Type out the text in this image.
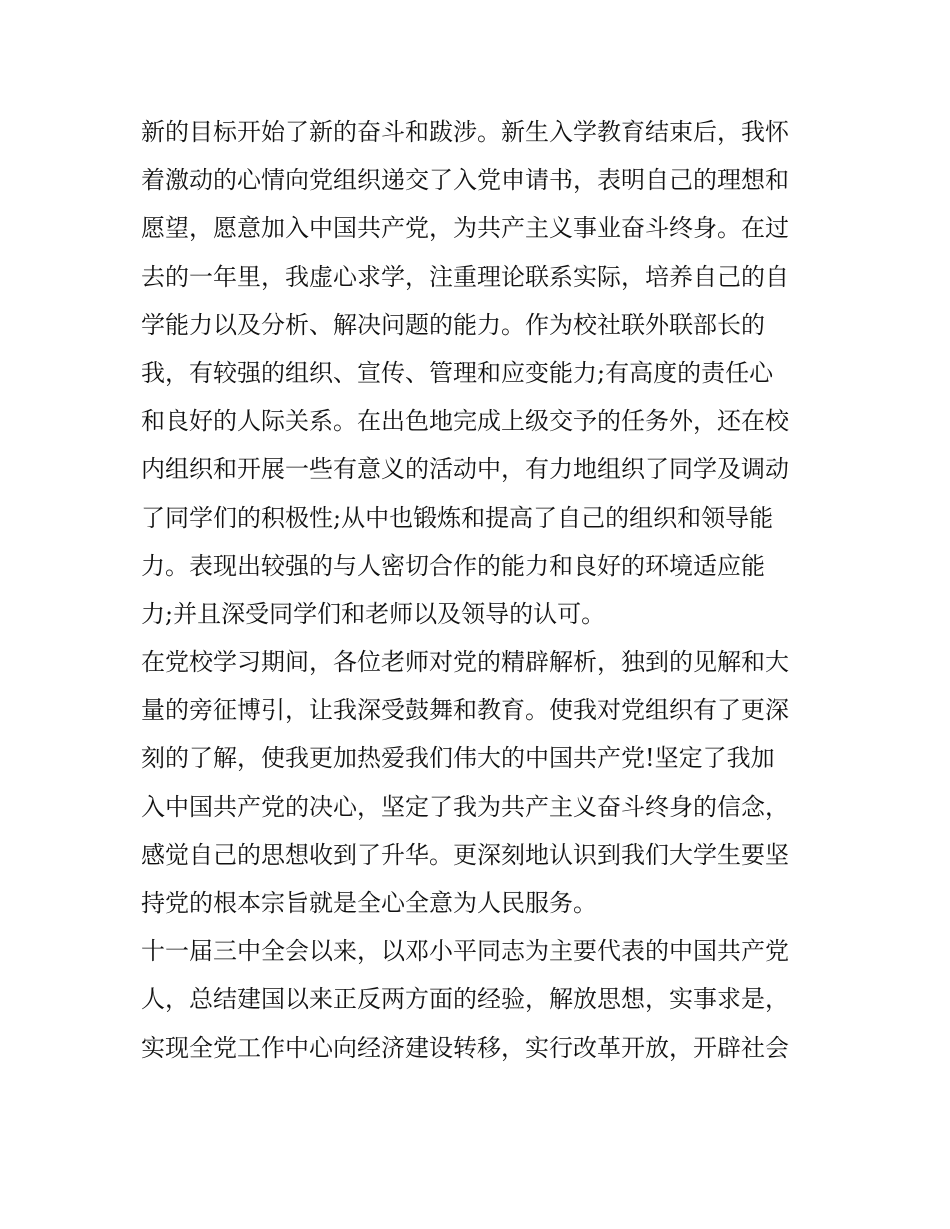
新的目标开始了新的奋斗和跋涉。新生入学教育结束后，我怀
着激动的心情向党组织递交了入党申请书，表明自己的理想和
愿望，愿意加入中国共产党，为共产主义事业奋斗终身。在过
去的一年里，我虚心求学，注重理论联系实际，培养自己的自
学能力以及分析、解决问题的能力。作为校社联外联部长的
我，有较强的组织、宣传、管理和应变能力;有高度的责任心
和良好的人际关系。在出色地完成上级交予的任务外，还在校
内组织和开展一些有意义的活动中，有力地组织了同学及调动
了同学们的积极性;从中也锻炼和提高了自己的组织和领导能
力。表现出较强的与人密切合作的能力和良好的环境适应能
力;并且深受同学们和老师以及领导的认可。
在党校学习期间，各位老师对党的精辟解析，独到的见解和大
量的旁征博引，让我深受鼓舞和教育。使我对党组织有了更深
刻的了解，使我更加热爱我们伟大的中国共产党!坚定了我加
入中国共产党的决心，坚定了我为共产主义奋斗终身的信念，
感觉自己的思想收到了升华。更深刻地认识到我们大学生要坚
持党的根本宗旨就是全心全意为人民服务。
十一届三中全会以来，以邓小平同志为主要代表的中国共产党
人，总结建国以来正反两方面的经验，解放思想，实事求是，
实现全党工作中心向经济建设转移，实行改革开放，开辟社会
